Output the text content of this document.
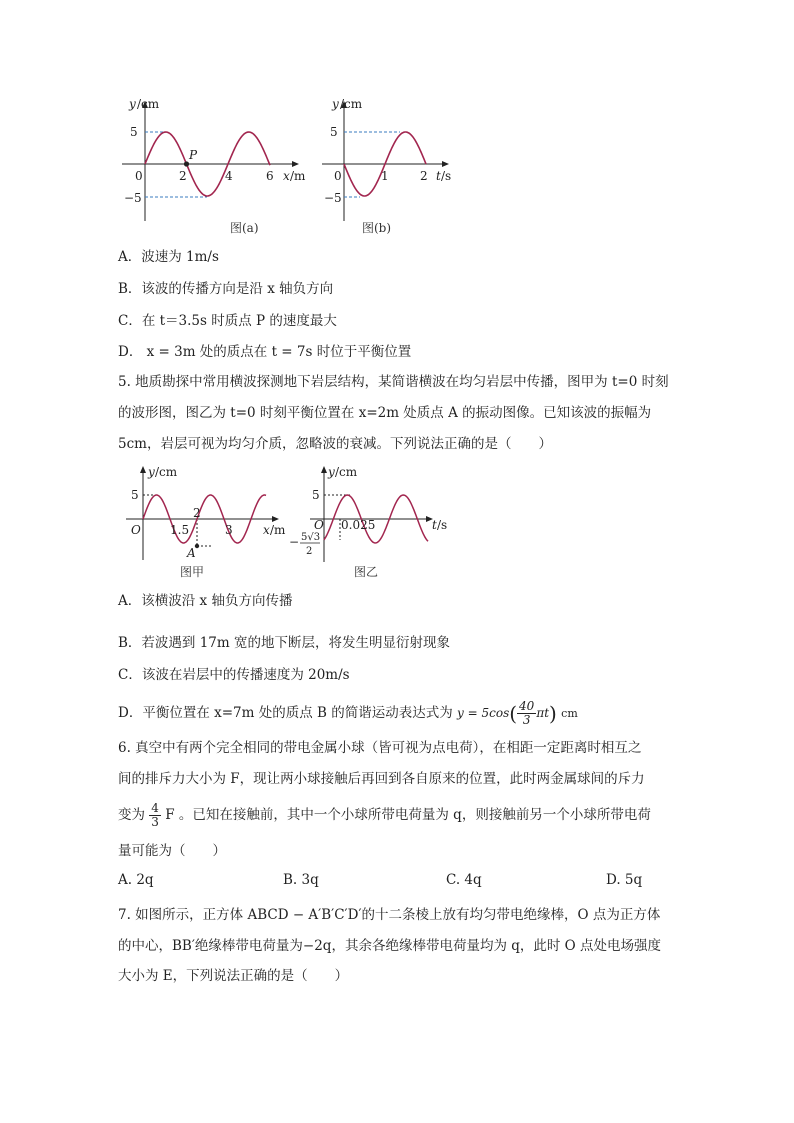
y /cm
5
−5
0	2	4	6
P
x /m
图(a)
y /cm
5
−5
0	1	2 t /s
图(b)
A．波速为 1m/s
B．该波的传播方向是沿 x 轴负方向
C．在 t＝3.5s 时质点 P 的速度最大
D． x = 3m 处的质点在 t = 7s 时位于平衡位置
5. 地质勘探中常用横波探测地下岩层结构，某简谐横波在均匀岩层中传播，图甲为 t=0 时刻的波形图，图乙为 t=0 时刻平衡位置在 x=2m 处质点 A 的振动图像。已知该波的振幅为 5cm，岩层可视为均匀介质，忽略波的衰减。下列说法正确的是（　　）
y /cm
5
O 1.5
2
3
A
x /m
图甲
y /cm
5
O 0.025
− 5√3
2
t /s
图乙
A．该横波沿 x 轴负方向传播
B．若波遇到 17m 宽的地下断层，将发生明显衍射现象
C．该波在岩层中的传播速度为 20m/s
D．平衡位置在 x=7m 处的质点 B 的简谐运动表达式为 $y = 5\cos( \frac{40}{3} \pi t)$ cm
6. 真空中有两个完全相同的带电金属小球（皆可视为点电荷），在相距一定距离时相互之
间的排斥力大小为 F，现让两小球接触后再回到各自原来的位置，此时两金属球间的斥力
变为 $\frac{4}{3}$ F 。已知在接触前，其中一个小球所带电荷量为 q，则接触前另一个小球所带电荷
量可能为（　　）
A. 2q	B. 3q	C. 4q	D. 5q
7. 如图所示，正方体 ABCD − A′B′C′D′的十二条棱上放有均匀带电绝缘棒，O 点为正方体
的中心，BB′绝缘棒带电荷量为−2q，其余各绝缘棒带电荷量均为 q，此时 O 点处电场强度
大小为 E，下列说法正确的是（　　）
